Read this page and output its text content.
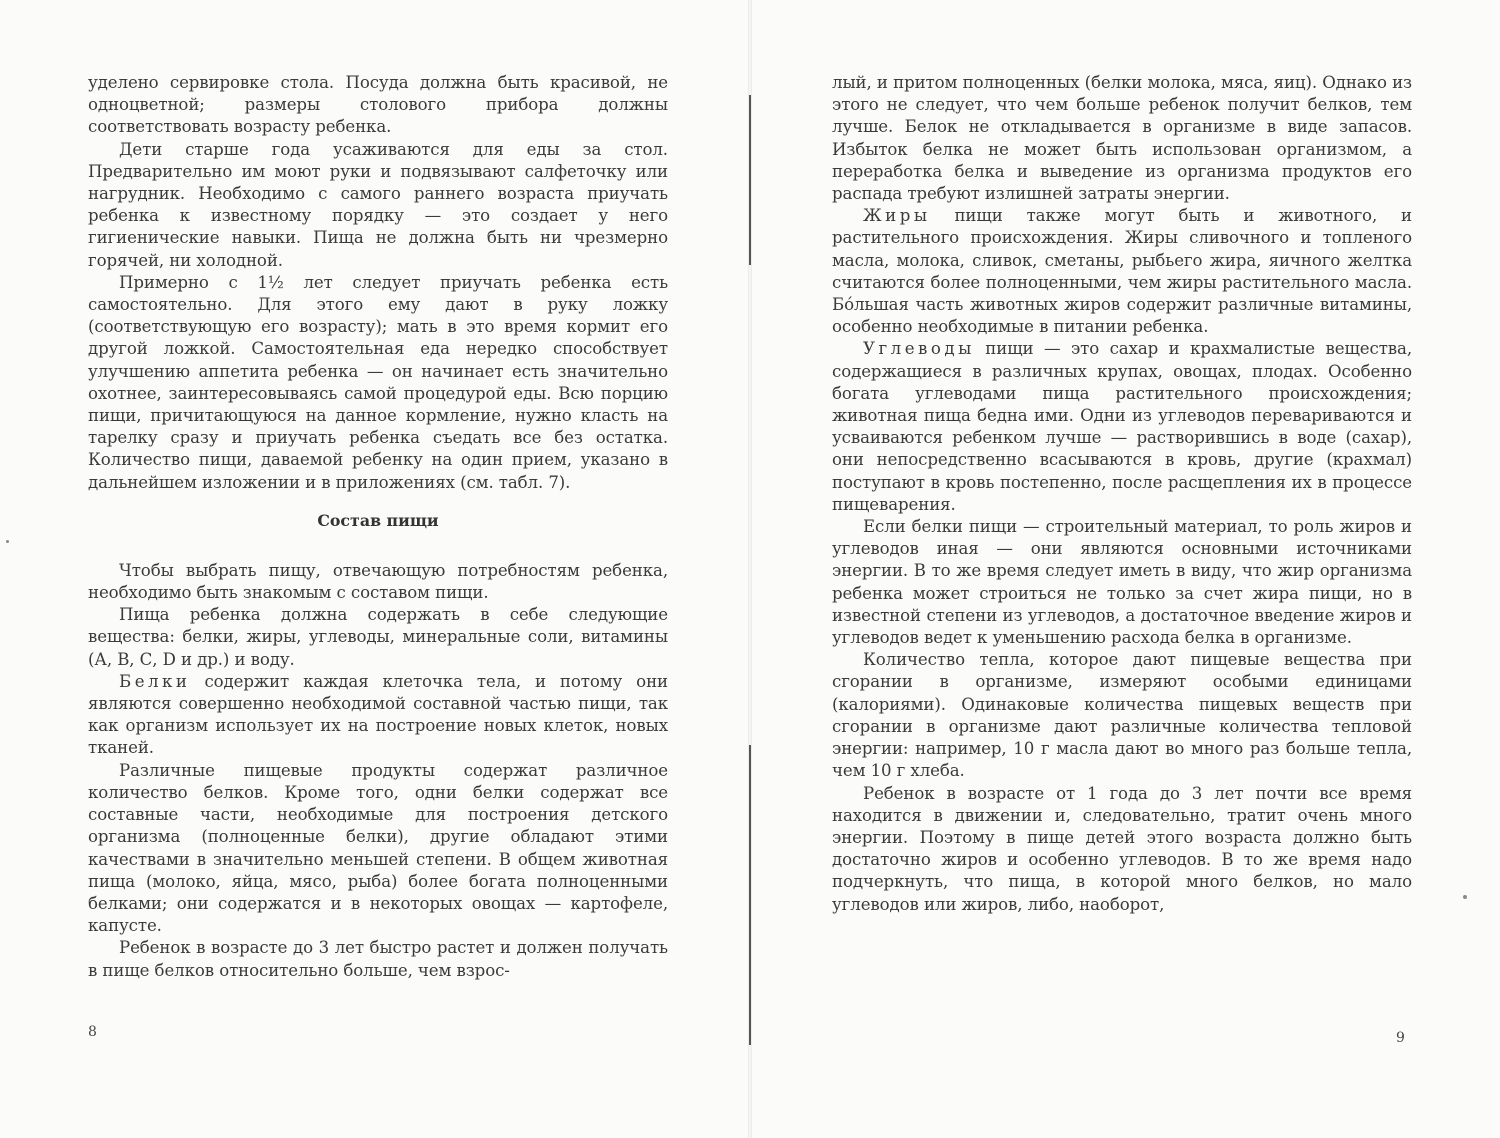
уделено сервировке стола. Посуда должна быть красивой, не одноцветной; размеры столового прибора должны соответствовать возрасту ребенка.

Дети старше года усаживаются для еды за стол. Предварительно им моют руки и подвязывают салфеточку или нагрудник. Необходимо с самого раннего возраста приучать ребенка к известному порядку — это создает у него гигиенические навыки. Пища не должна быть ни чрезмерно горячей, ни холодной.

Примерно с 1½ лет следует приучать ребенка есть самостоятельно. Для этого ему дают в руку ложку (соответствующую его возрасту); мать в это время кормит его другой ложкой. Самостоятельная еда нередко способствует улучшению аппетита ребенка — он начинает есть значительно охотнее, заинтересовываясь самой процедурой еды. Всю порцию пищи, причитающуюся на данное кормление, нужно класть на тарелку сразу и приучать ребенка съедать все без остатка. Количество пищи, даваемой ребенку на один прием, указано в дальнейшем изложении и в приложениях (см. табл. 7).

Состав пищи

Чтобы выбрать пищу, отвечающую потребностям ребенка, необходимо быть знакомым с составом пищи.

Пища ребенка должна содержать в себе следующие вещества: белки, жиры, углеводы, минеральные соли, витамины (А, В, С, D и др.) и воду.

Белки содержит каждая клеточка тела, и потому они являются совершенно необходимой составной частью пищи, так как организм использует их на построение новых клеток, новых тканей.

Различные пищевые продукты содержат различное количество белков. Кроме того, одни белки содержат все составные части, необходимые для построения детского организма (полноценные белки), другие обладают этими качествами в значительно меньшей степени. В общем животная пища (молоко, яйца, мясо, рыба) более богата полноценными белками; они содержатся и в некоторых овощах — картофеле, капусте.

Ребенок в возрасте до 3 лет быстро растет и должен получать в пище белков относительно больше, чем взрос-

8

лый, и притом полноценных (белки молока, мяса, яиц). Однако из этого не следует, что чем больше ребенок получит белков, тем лучше. Белок не откладывается в организме в виде запасов. Избыток белка не может быть использован организмом, а переработка белка и выведение из организма продуктов его распада требуют излишней затраты энергии.

Жиры пищи также могут быть и животного, и растительного происхождения. Жиры сливочного и топленого масла, молока, сливок, сметаны, рыбьего жира, яичного желтка считаются более полноценными, чем жиры растительного масла. Бо́льшая часть животных жиров содержит различные витамины, особенно необходимые в питании ребенка.

Углеводы пищи — это сахар и крахмалистые вещества, содержащиеся в различных крупах, овощах, плодах. Особенно богата углеводами пища растительного происхождения; животная пища бедна ими. Одни из углеводов перевариваются и усваиваются ребенком лучше — растворившись в воде (сахар), они непосредственно всасываются в кровь, другие (крахмал) поступают в кровь постепенно, после расщепления их в процессе пищеварения.

Если белки пищи — строительный материал, то роль жиров и углеводов иная — они являются основными источниками энергии. В то же время следует иметь в виду, что жир организма ребенка может строиться не только за счет жира пищи, но в известной степени из углеводов, а достаточное введение жиров и углеводов ведет к уменьшению расхода белка в организме.

Количество тепла, которое дают пищевые вещества при сгорании в организме, измеряют особыми единицами (калориями). Одинаковые количества пищевых веществ при сгорании в организме дают различные количества тепловой энергии: например, 10 г масла дают во много раз больше тепла, чем 10 г хлеба.

Ребенок в возрасте от 1 года до 3 лет почти все время находится в движении и, следовательно, тратит очень много энергии. Поэтому в пище детей этого возраста должно быть достаточно жиров и особенно углеводов. В то же время надо подчеркнуть, что пища, в которой много белков, но мало углеводов или жиров, либо, наоборот,

9
